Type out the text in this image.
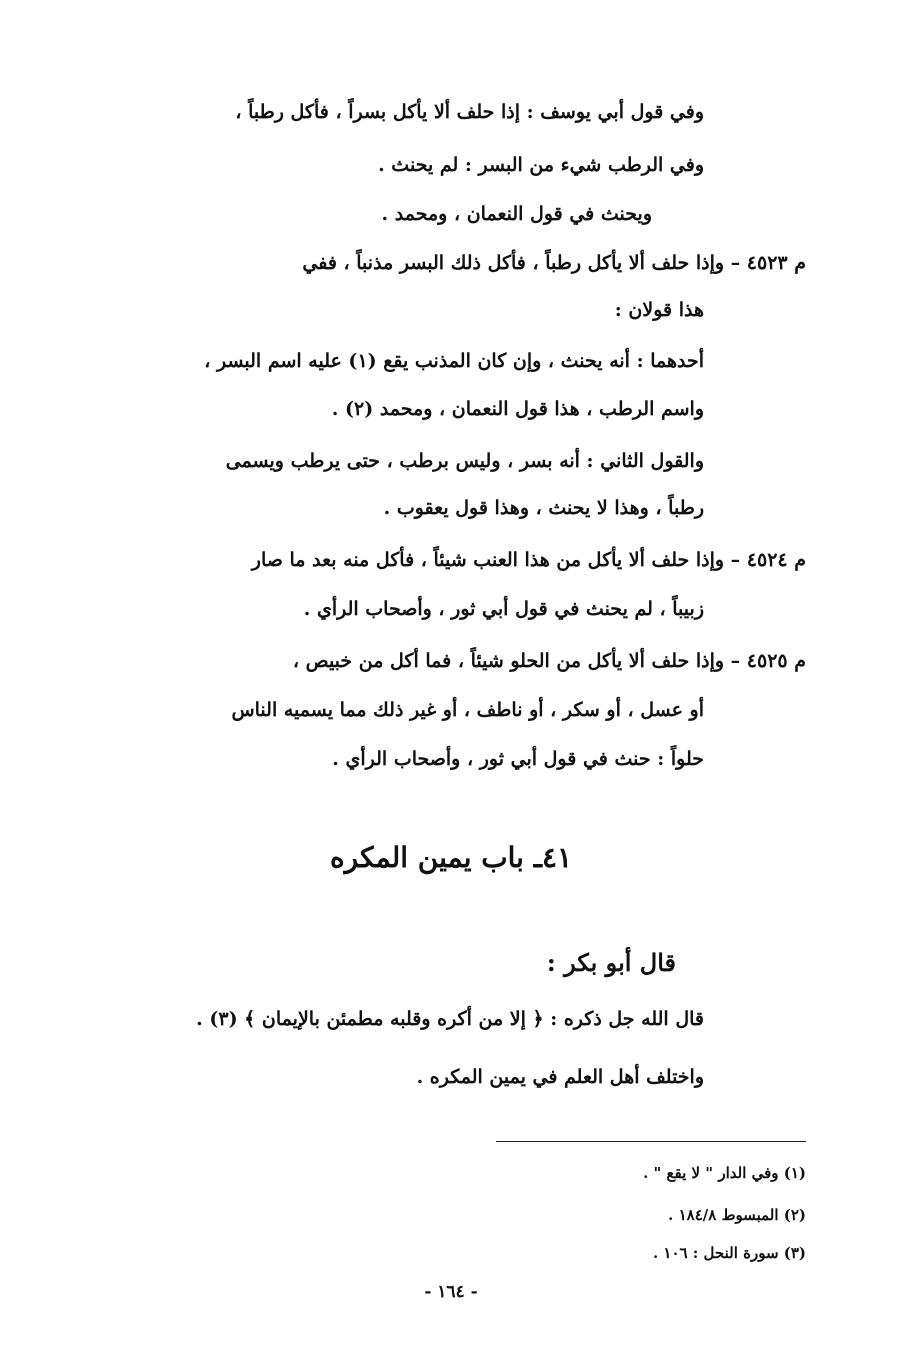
وفي قول أبي يوسف : إذا حلف ألا يأكل بسراً ، فأكل رطباً ،
وفي الرطب شيء من البسر : لم يحنث .
ويحنث في قول النعمان ، ومحمد .
م ٤٥٢٣ – وإذا حلف ألا يأكل رطباً ، فأكل ذلك البسر مذنباً ، ففي
هذا قولان :
أحدهما : أنه يحنث ، وإن كان المذنب يقع (١) عليه اسم البسر ،
واسم الرطب ، هذا قول النعمان ، ومحمد (٢) .
والقول الثاني : أنه بسر ، وليس برطب ، حتى يرطب ويسمى
رطباً ، وهذا لا يحنث ، وهذا قول يعقوب .
م ٤٥٢٤ – وإذا حلف ألا يأكل من هذا العنب شيئاً ، فأكل منه بعد ما صار
زبيباً ، لم يحنث في قول أبي ثور ، وأصحاب الرأي .
م ٤٥٢٥ – وإذا حلف ألا يأكل من الحلو شيئاً ، فما أكل من خبيص ،
أو عسل ، أو سكر ، أو ناطف ، أو غير ذلك مما يسميه الناس
حلواً : حنث في قول أبي ثور ، وأصحاب الرأي .
٤١ـ باب يمين المكره
قال أبو بكر :
قال الله جل ذكره : ﴿ إلا من أكره وقلبه مطمئن بالإيمان ﴾ (٣) .
واختلف أهل العلم في يمين المكره .
(١) وفي الدار " لا يقع " .
(٢) المبسوط ١٨٤/٨ .
(٣) سورة النحل : ١٠٦ .
- ١٦٤ -
